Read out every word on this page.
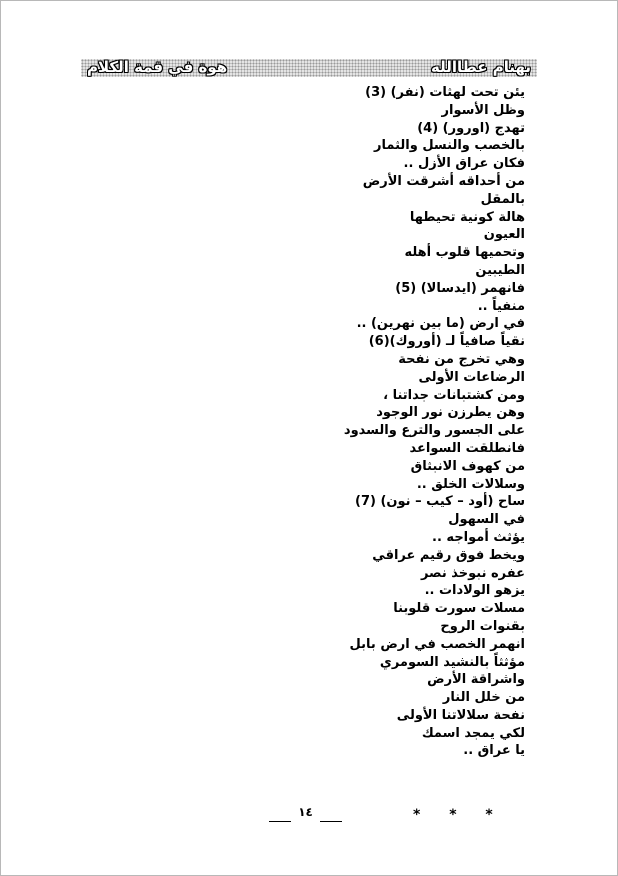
بهنام عطاالله
هوة في قمة الكلام
يئن تحت لهثات (نفر) (3)
وظل الأسوار
تهدج (اورور) (4)
بالخصب والنسل والثمار
فكان عراق الأزل ..
من أحداقه أشرقت الأرض
بالمقل
هالة كونية تحيطها
العيون
وتحميها قلوب أهله
الطيبين
فانهمر (ايدسالا) (5)
منفياً ..
في ارض (ما بين نهرين) ..
نقياً صافياً لـ (أوروك)(6)
وهي تخرج من نفحة
الرضاعات الأولى
ومن كشتبانات جداتنا ،
وهن يطرزن نور الوجود
على الجسور والترع والسدود
فانطلقت السواعد
من كهوف الانبثاق
وسلالات الخلق ..
ساح (أود – كيب – نون) (7)
في السهول
يؤثث أمواجه ..
ويخط فوق رقيم عراقي
عفره نبوخذ نصر
يزهو الولادات ..
مسلات سورت قلوبنا
بقنوات الروح
انهمر الخصب في ارض بابل
مؤثثاً بالنشيد السومري
واشراقة الأرض
من خلل النار
نفحة سلالاتنا الأولى
لكي يمجد اسمك
يا عراق ..
* * *
١٤
